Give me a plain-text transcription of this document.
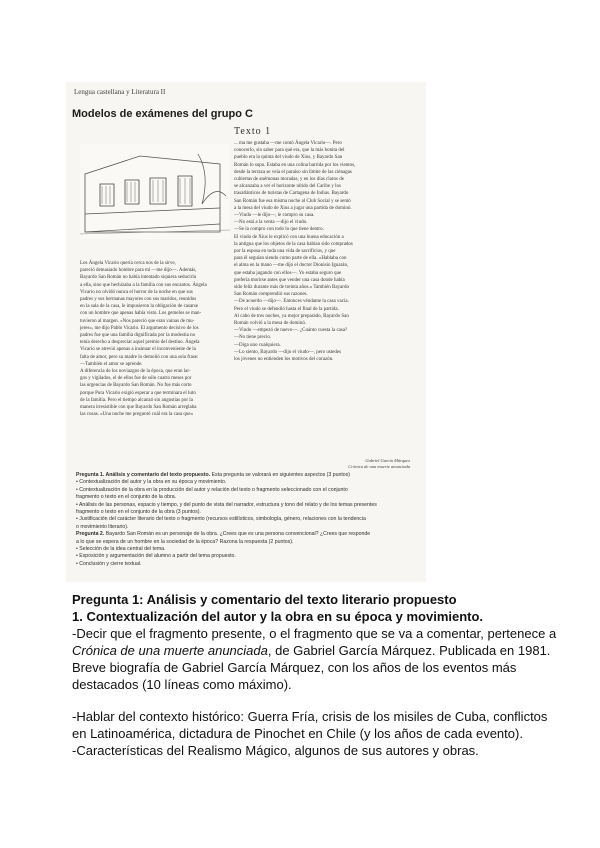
Lengua castellana y Literatura II
Modelos de exámenes del grupo C
Texto 1
... ma me gustaba —me contó Ángela Vicario—. Pero
conocerlo, sin saber para qué era, que la más bonita del
pueblo era la quinta del viudo de Xius, y Bayardo San
Román lo supo. Estaba en una colina barrida por los vientos,
desde la terraza se veía el paraíso sin límite de las ciénagas
cubiertas de anémonas moradas, y en los días claros de
se alcanzaba a ver el horizonte nítido del Caribe y los
trasatlánticos de turistas de Cartagena de Indias. Bayardo
San Román fue esa misma noche al Club Social y se sentó
a la mesa del viudo de Xius a jugar una partida de dominó.
—Viudo —le dijo—, le compro su casa.
—No está a la venta —dijo el viudo.
—Se la compro con todo lo que tiene dentro.
El viudo de Xius le explicó con una buena educación a
la antigua que los objetos de la casa habían sido comprados
por la esposa en toda una vida de sacrificios, y que
para él seguían siendo como parte de ella. «Hablaba con
el alma en la mano —me dijo el doctor Dionisio Iguarán,
que estaba jugando con ellos—. Yo estaba seguro que
prefería morirse antes que vender una casa donde había
sido feliz durante más de treinta años.» También Bayardo
San Román comprendió sus razones.
—De acuerdo —dijo—. Entonces véndame la casa vacía.
Pero el viudo se defendió hasta el final de la partida.
Al cabo de tres noches, ya mejor preparado, Bayardo San
Román volvió a la mesa de dominó.
—Viudo —empezó de nuevo—. ¿Cuánto cuesta la casa?
—No tiene precio.
—Diga uno cualquiera.
—Lo siento, Bayardo —dijo el viudo—, pero ustedes
los jóvenes no entienden los motivos del corazón.
Los Ángela Vicario quería cerca nos de la sirve,
pareció demasiado hombre para mí —me dijo—. Además,
Bayardo San Román no había intentado siquiera seducirla
a ella, sino que hechizaba a la familia con sus encantos. Ángela
Vicario no olvidó nunca el horror de la noche en que sus
padres y sus hermanas mayores con sus maridos, reunidos
en la sala de la casa, le impusieron la obligación de casarse
con un hombre que apenas había visto. Los gemelos se man-
tuvieron al margen. «Nos pareció que eran vainas de mu-
jeres», me dijo Pablo Vicario. El argumento decisivo de los
padres fue que una familia dignificada por la modestia no
tenía derecho a despreciar aquel premio del destino. Ángela
Vicario se atrevió apenas a insinuar el inconveniente de la
falta de amor, pero su madre lo demolió con una sola frase:
—También el amor se aprende.
A diferencia de los noviazgos de la época, que eran lar-
gos y vigilados, el de ellos fue de sólo cuatro meses por
las urgencias de Bayardo San Román. No fue más corto
porque Pura Vicario exigió esperar a que terminara el luto
de la familia. Pero el tiempo alcanzó sin angustias por la
manera irresistible con que Bayardo San Román arreglaba
las cosas. «Una noche me preguntó cuál era la casa que»
Gabriel García Márquez
Crónica de una muerte anunciada
Pregunta 1. Análisis y comentario del texto propuesto. Esta pregunta se valorará en siguientes aspectos (3 puntos)
• Contextualización del autor y la obra en su época y movimiento.
• Contextualización de la obra en la producción del autor y relación del texto o fragmento seleccionado con el conjunto
fragmento o texto en el conjunto de la obra.
• Análisis de las personas, espacio y tiempo, y del punto de vista del narrador, estructura y tono del relato y de los temas presentes
fragmento o texto en el conjunto de la obra (3 puntos).
• Justificación del carácter literario del texto o fragmento (recursos estilísticos, simbología, género, relaciones con la tendencia
o movimiento literario).
Pregunta 2. Bayardo San Román es un personaje de la obra. ¿Crees que es una persona convencional? ¿Crees que responde
a lo que se espera de un hombre en la sociedad de la época? Razona la respuesta (2 puntos).
• Selección de la idea central del tema.
• Exposición y argumentación del alumno a partir del tema propuesto.
• Conclusión y cierre textual.
Pregunta 1: Análisis y comentario del texto literario propuesto
1. Contextualización del autor y la obra en su época y movimiento.
-Decir que el fragmento presente, o el fragmento que se va a comentar, pertenece a
Crónica de una muerte anunciada, de Gabriel García Márquez. Publicada en 1981.
Breve biografía de Gabriel García Márquez, con los años de los eventos más
destacados (10 líneas como máximo).
-Hablar del contexto histórico: Guerra Fría, crisis de los misiles de Cuba, conflictos
en Latinoamérica, dictadura de Pinochet en Chile (y los años de cada evento).
-Características del Realismo Mágico, algunos de sus autores y obras.
